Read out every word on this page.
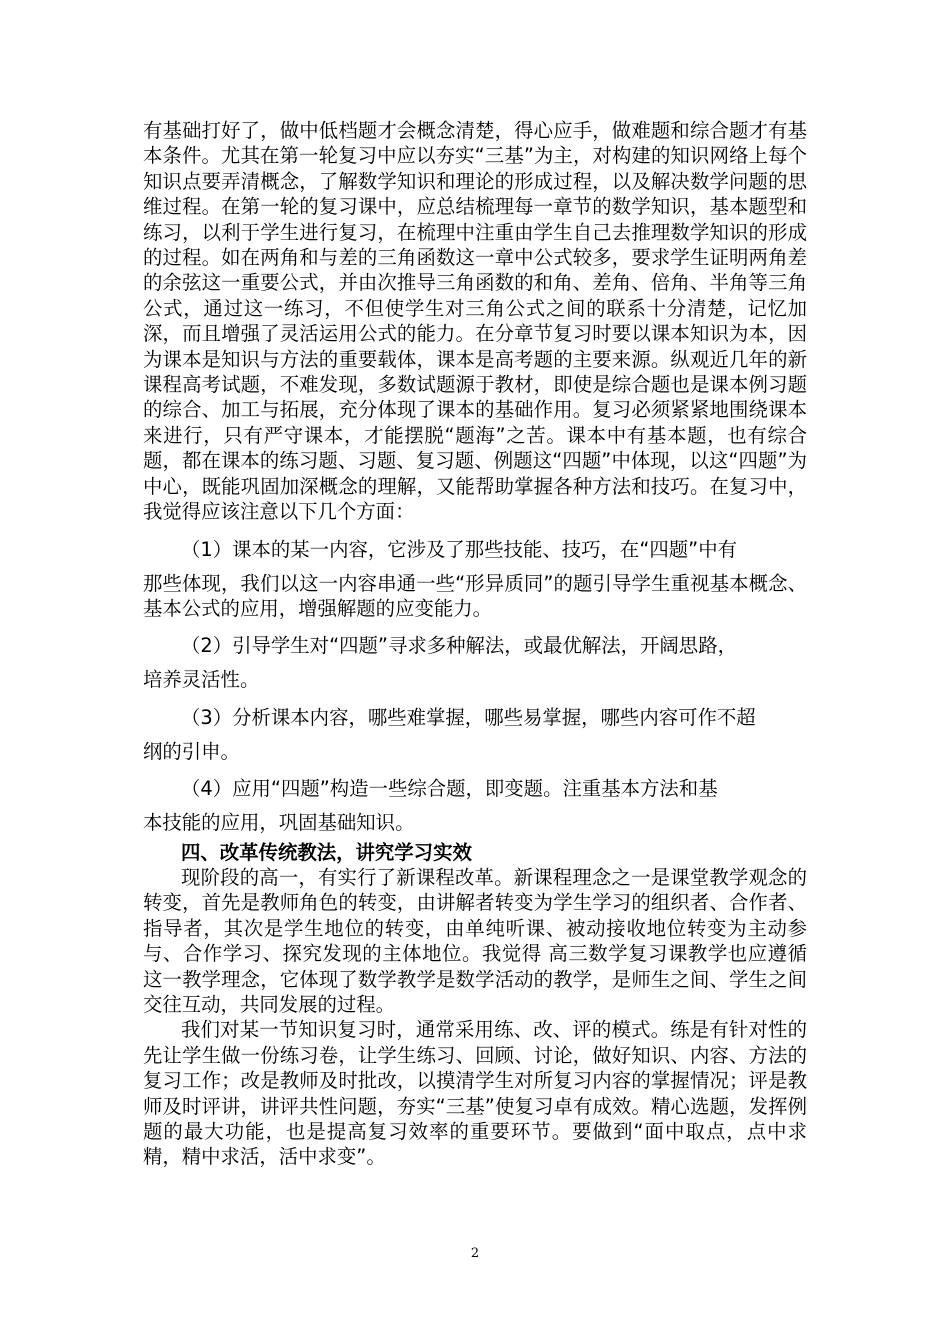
有基础打好了，做中低档题才会概念清楚，得心应手，做难题和综合题才有基本条件。尤其在第一轮复习中应以夯实“三基”为主，对构建的知识网络上每个知识点要弄清概念，了解数学知识和理论的形成过程，以及解决数学问题的思维过程。在第一轮的复习课中，应总结梳理每一章节的数学知识，基本题型和练习，以利于学生进行复习，在梳理中注重由学生自己去推理数学知识的形成的过程。如在两角和与差的三角函数这一章中公式较多，要求学生证明两角差的余弦这一重要公式，并由次推导三角函数的和角、差角、倍角、半角等三角公式，通过这一练习，不但使学生对三角公式之间的联系十分清楚，记忆加深，而且增强了灵活运用公式的能力。在分章节复习时要以课本知识为本，因为课本是知识与方法的重要载体，课本是高考题的主要来源。纵观近几年的新课程高考试题，不难发现，多数试题源于教材，即使是综合题也是课本例习题的综合、加工与拓展，充分体现了课本的基础作用。复习必须紧紧地围绕课本来进行，只有严守课本，才能摆脱“题海”之苦。课本中有基本题，也有综合题，都在课本的练习题、习题、复习题、例题这“四题”中体现，以这“四题”为中心，既能巩固加深概念的理解，又能帮助掌握各种方法和技巧。在复习中，我觉得应该注意以下几个方面：

（1）课本的某一内容，它涉及了那些技能、技巧，在“四题”中有

那些体现，我们以这一内容串通一些“形异质同”的题引导学生重视基本概念、基本公式的应用，增强解题的应变能力。

（2）引导学生对“四题”寻求多种解法，或最优解法，开阔思路，

培养灵活性。

（3）分析课本内容，哪些难掌握，哪些易掌握，哪些内容可作不超

纲的引申。

（4）应用“四题”构造一些综合题，即变题。注重基本方法和基

本技能的应用，巩固基础知识。

四、改革传统教法，讲究学习实效

现阶段的高一，有实行了新课程改革。新课程理念之一是课堂教学观念的转变，首先是教师角色的转变，由讲解者转变为学生学习的组织者、合作者、指导者，其次是学生地位的转变，由单纯听课、被动接收地位转变为主动参与、合作学习、探究发现的主体地位。我觉得 高三数学复习课教学也应遵循这一教学理念，它体现了数学教学是数学活动的教学，是师生之间、学生之间交往互动，共同发展的过程。

我们对某一节知识复习时，通常采用练、改、评的模式。练是有针对性的先让学生做一份练习卷，让学生练习、回顾、讨论，做好知识、内容、方法的复习工作；改是教师及时批改，以摸清学生对所复习内容的掌握情况；评是教师及时评讲，讲评共性问题，夯实“三基”使复习卓有成效。精心选题，发挥例题的最大功能，也是提高复习效率的重要环节。要做到“面中取点，点中求精，精中求活，活中求变”。

2
